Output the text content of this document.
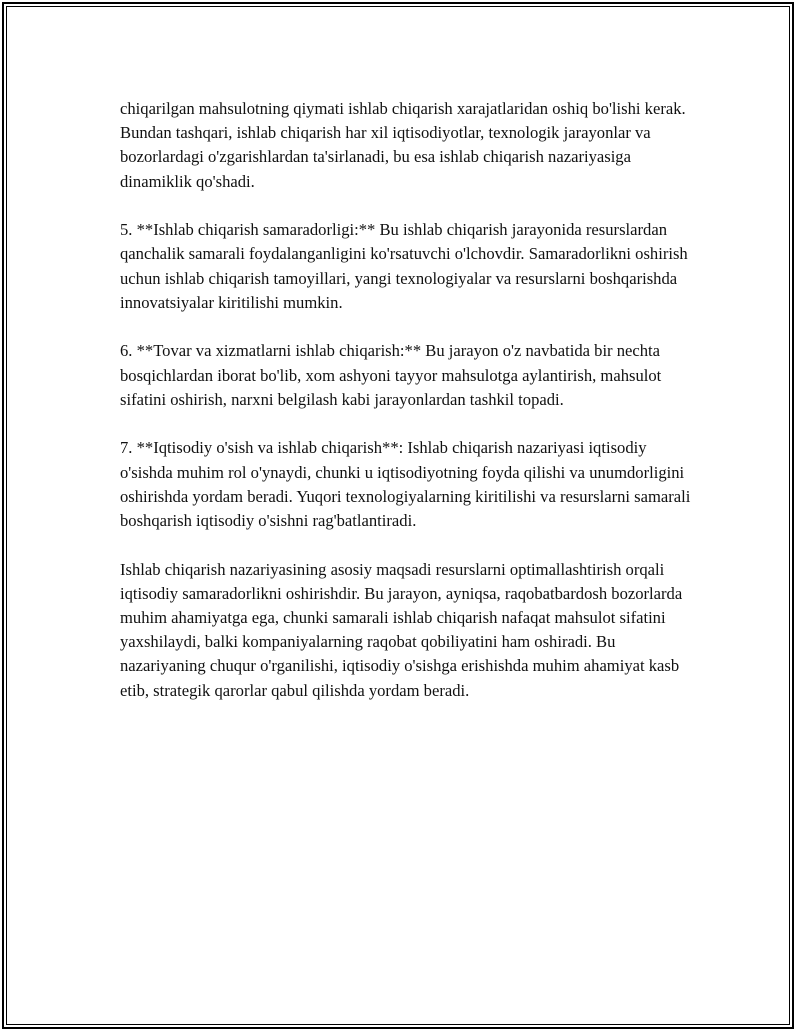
chiqarilgan mahsulotning qiymati ishlab chiqarish xarajatlaridan oshiq bo'lishi kerak. Bundan tashqari, ishlab chiqarish har xil iqtisodiyotlar, texnologik jarayonlar va bozorlardagi o'zgarishlardan ta'sirlanadi, bu esa ishlab chiqarish nazariyasiga dinamiklik qo'shadi.

5. **Ishlab chiqarish samaradorligi:** Bu ishlab chiqarish jarayonida resurslardan qanchalik samarali foydalanganligini ko'rsatuvchi o'lchovdir. Samaradorlikni oshirish uchun ishlab chiqarish tamoyillari, yangi texnologiyalar va resurslarni boshqarishda innovatsiyalar kiritilishi mumkin.

6. **Tovar va xizmatlarni ishlab chiqarish:** Bu jarayon o'z navbatida bir nechta bosqichlardan iborat bo'lib, xom ashyoni tayyor mahsulotga aylantirish, mahsulot sifatini oshirish, narxni belgilash kabi jarayonlardan tashkil topadi.

7. **Iqtisodiy o'sish va ishlab chiqarish**: Ishlab chiqarish nazariyasi iqtisodiy o'sishda muhim rol o'ynaydi, chunki u iqtisodiyotning foyda qilishi va unumdorligini oshirishda yordam beradi. Yuqori texnologiyalarning kiritilishi va resurslarni samarali boshqarish iqtisodiy o'sishni rag'batlantiradi.

Ishlab chiqarish nazariyasining asosiy maqsadi resurslarni optimallashtirish orqali iqtisodiy samaradorlikni oshirishdir. Bu jarayon, ayniqsa, raqobatbardosh bozorlarda muhim ahamiyatga ega, chunki samarali ishlab chiqarish nafaqat mahsulot sifatini yaxshilaydi, balki kompaniyalarning raqobat qobiliyatini ham oshiradi. Bu nazariyaning chuqur o'rganilishi, iqtisodiy o'sishga erishishda muhim ahamiyat kasb etib, strategik qarorlar qabul qilishda yordam beradi.
